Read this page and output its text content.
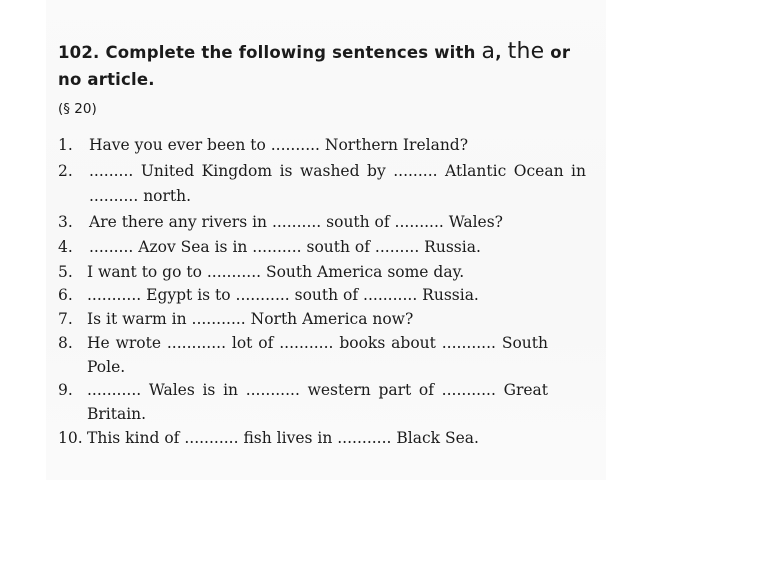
102. Complete the following sentences with a, the or no article.
(§ 20)
1.	Have you ever been to .......... Northern Ireland?
2.	......... United Kingdom is washed by ......... Atlantic Ocean in .......... north.
3.	Are there any rivers in .......... south of .......... Wales?
4.	......... Azov Sea is in .......... south of ......... Russia.
5. I want to go to ........... South America some day.
6. ........... Egypt is to ........... south of ........... Russia.
7. Is it warm in ........... North America now?
8. He wrote ............ lot of ........... books about ........... South Pole.
9. ........... Wales is in ........... western part of ........... Great Britain.
10. This kind of ........... fish lives in ........... Black Sea.
